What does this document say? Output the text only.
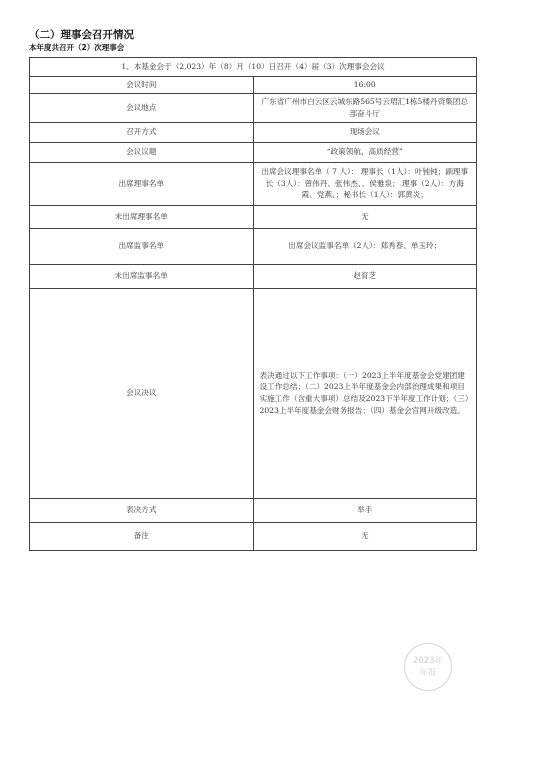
（二）理事会召开情况
本年度共召开（2）次理事会
1、本基金会于（2,023）年（8）月（10）日召开（4）届（3）次理事会会议	
会议时间	16:00
会议地点	广东省广州市白云区云城东路565号云珺汇1栋5楼丹资集团总部奋斗厅
召开方式	现场会议
会议议题	“政策领航，高质经营”
出席理事名单	出席会议理事名单（ 7 人）： 理事长（1人）：叶钝钝；副理事长（3人）：曾伟丹、张伟杰、、侯雅泉； 理事（2人）：方海霞、党燕、；秘书长（1人）：郭黄炎；
未出席理事名单	无
出席监事名单	出席会议监事名单（2人）：郑秀春、单玉玲；
未出席监事名单	赵育芝
会议决议	表决通过以下工作事项：（一）2023上半年度基金会党建团建设工作总结；（二）2023上半年度基金会内部治理成果和项目实施工作（含重大事项）总结及2023下半年度工作计划；（三）2023上半年度基金会财务报告；（四）基金会官网升级改造。
表决方式	举手
备注	无
2023年
年报
